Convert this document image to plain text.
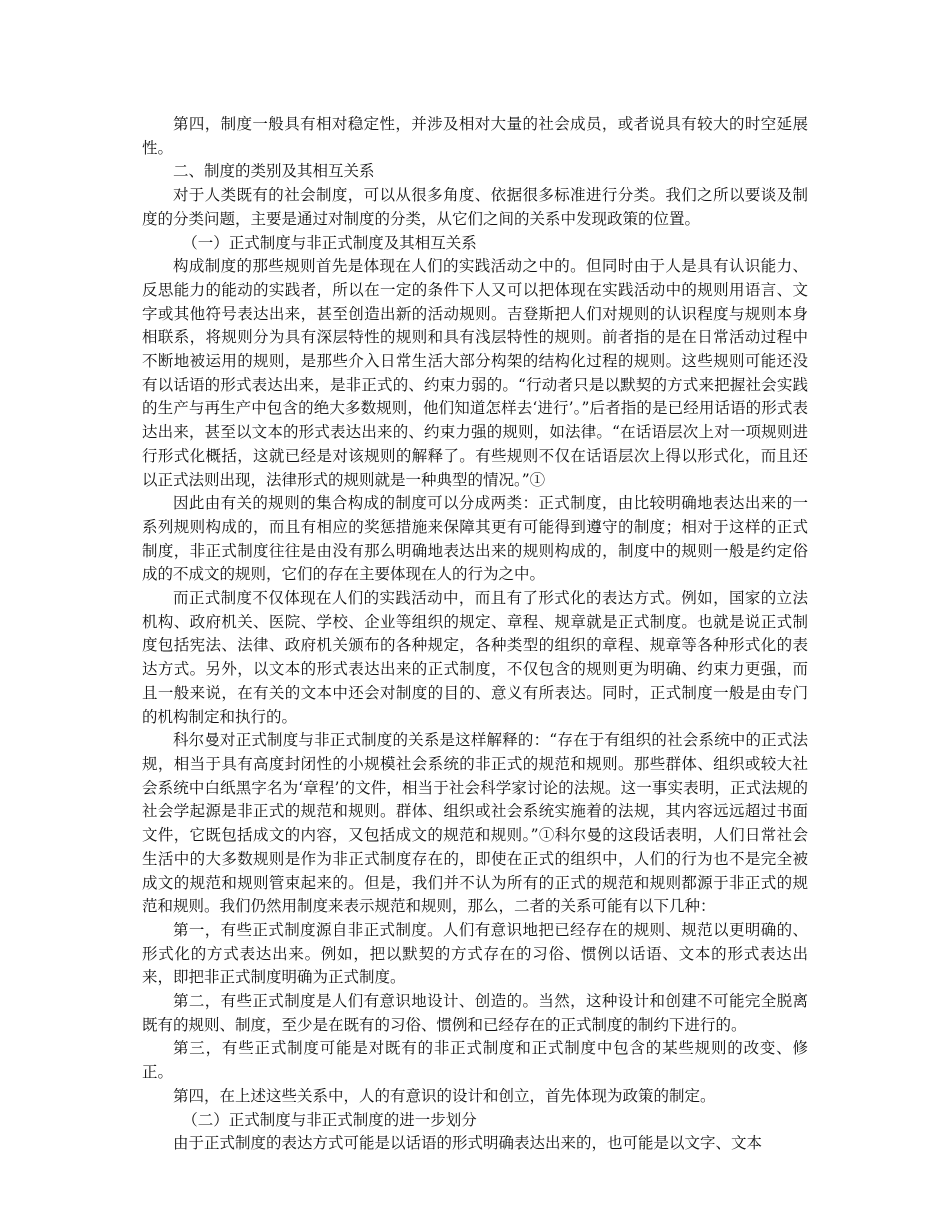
第四，制度一般具有相对稳定性，并涉及相对大量的社会成员，或者说具有较大的时空延展性。

二、制度的类别及其相互关系

对于人类既有的社会制度，可以从很多角度、依据很多标准进行分类。我们之所以要谈及制度的分类问题，主要是通过对制度的分类，从它们之间的关系中发现政策的位置。

（一）正式制度与非正式制度及其相互关系

构成制度的那些规则首先是体现在人们的实践活动之中的。但同时由于人是具有认识能力、反思能力的能动的实践者，所以在一定的条件下人又可以把体现在实践活动中的规则用语言、文字或其他符号表达出来，甚至创造出新的活动规则。吉登斯把人们对规则的认识程度与规则本身相联系，将规则分为具有深层特性的规则和具有浅层特性的规则。前者指的是在日常活动过程中不断地被运用的规则，是那些介入日常生活大部分构架的结构化过程的规则。这些规则可能还没有以话语的形式表达出来，是非正式的、约束力弱的。“行动者只是以默契的方式来把握社会实践的生产与再生产中包含的绝大多数规则，他们知道怎样去‘进行’。”后者指的是已经用话语的形式表达出来，甚至以文本的形式表达出来的、约束力强的规则，如法律。“在话语层次上对一项规则进行形式化概括，这就已经是对该规则的解释了。有些规则不仅在话语层次上得以形式化，而且还以正式法则出现，法律形式的规则就是一种典型的情况。”①

因此由有关的规则的集合构成的制度可以分成两类：正式制度，由比较明确地表达出来的一系列规则构成的，而且有相应的奖惩措施来保障其更有可能得到遵守的制度；相对于这样的正式制度，非正式制度往往是由没有那么明确地表达出来的规则构成的，制度中的规则一般是约定俗成的不成文的规则，它们的存在主要体现在人的行为之中。

而正式制度不仅体现在人们的实践活动中，而且有了形式化的表达方式。例如，国家的立法机构、政府机关、医院、学校、企业等组织的规定、章程、规章就是正式制度。也就是说正式制度包括宪法、法律、政府机关颁布的各种规定，各种类型的组织的章程、规章等各种形式化的表达方式。另外，以文本的形式表达出来的正式制度，不仅包含的规则更为明确、约束力更强，而且一般来说，在有关的文本中还会对制度的目的、意义有所表达。同时，正式制度一般是由专门的机构制定和执行的。

科尔曼对正式制度与非正式制度的关系是这样解释的：“存在于有组织的社会系统中的正式法规，相当于具有高度封闭性的小规模社会系统的非正式的规范和规则。那些群体、组织或较大社会系统中白纸黑字名为‘章程’的文件，相当于社会科学家讨论的法规。这一事实表明，正式法规的社会学起源是非正式的规范和规则。群体、组织或社会系统实施着的法规，其内容远远超过书面文件，它既包括成文的内容，又包括成文的规范和规则。”①科尔曼的这段话表明，人们日常社会生活中的大多数规则是作为非正式制度存在的，即使在正式的组织中，人们的行为也不是完全被成文的规范和规则管束起来的。但是，我们并不认为所有的正式的规范和规则都源于非正式的规范和规则。我们仍然用制度来表示规范和规则，那么，二者的关系可能有以下几种：

第一，有些正式制度源自非正式制度。人们有意识地把已经存在的规则、规范以更明确的、形式化的方式表达出来。例如，把以默契的方式存在的习俗、惯例以话语、文本的形式表达出来，即把非正式制度明确为正式制度。

第二，有些正式制度是人们有意识地设计、创造的。当然，这种设计和创建不可能完全脱离既有的规则、制度，至少是在既有的习俗、惯例和已经存在的正式制度的制约下进行的。

第三，有些正式制度可能是对既有的非正式制度和正式制度中包含的某些规则的改变、修正。

第四，在上述这些关系中，人的有意识的设计和创立，首先体现为政策的制定。

（二）正式制度与非正式制度的进一步划分

由于正式制度的表达方式可能是以话语的形式明确表达出来的，也可能是以文字、文本
